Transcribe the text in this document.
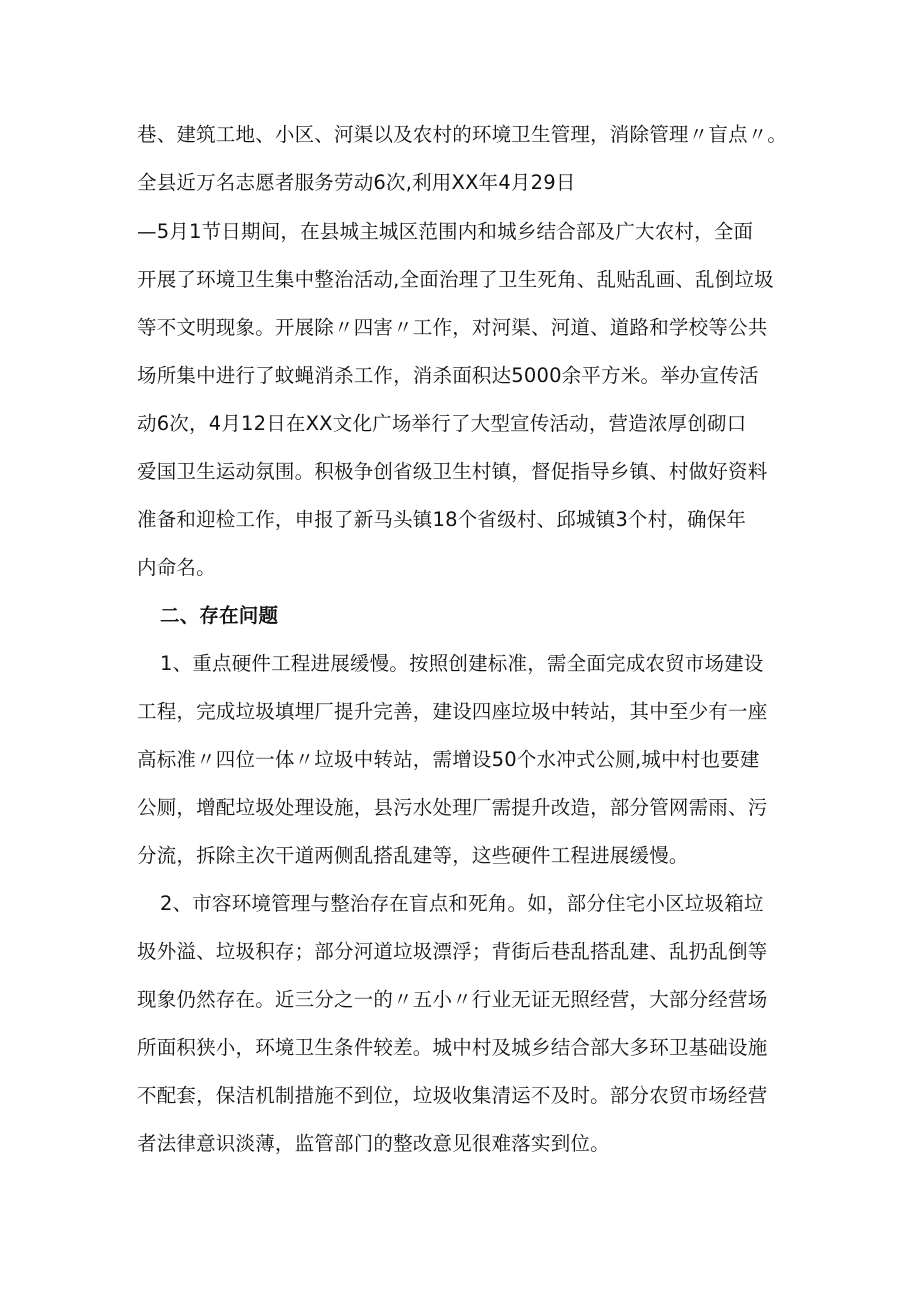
巷、建筑工地、小区、河渠以及农村的环境卫生管理，消除管理〃盲点〃。
全县近万名志愿者服务劳动6次,利用XX年4月29日
—5月1节日期间，在县城主城区范围内和城乡结合部及广大农村，全面
开展了环境卫生集中整治活动,全面治理了卫生死角、乱贴乱画、乱倒垃圾
等不文明现象。开展除〃四害〃工作，对河渠、河道、道路和学校等公共
场所集中进行了蚊蝇消杀工作，消杀面积达5000余平方米。举办宣传活
动6次，4月12日在XX文化广场举行了大型宣传活动，营造浓厚创砌口
爱国卫生运动氛围。积极争创省级卫生村镇，督促指导乡镇、村做好资料
准备和迎检工作，申报了新马头镇18个省级村、邱城镇3个村，确保年
内命名。
二、存在问题
1、重点硬件工程进展缓慢。按照创建标准，需全面完成农贸市场建设
工程，完成垃圾填埋厂提升完善，建设四座垃圾中转站，其中至少有一座
高标准〃四位一体〃垃圾中转站，需增设50个水冲式公厕,城中村也要建
公厕，增配垃圾处理设施，县污水处理厂需提升改造，部分管网需雨、污
分流，拆除主次干道两侧乱搭乱建等，这些硬件工程进展缓慢。
2、市容环境管理与整治存在盲点和死角。如，部分住宅小区垃圾箱垃
圾外溢、垃圾积存；部分河道垃圾漂浮；背街后巷乱搭乱建、乱扔乱倒等
现象仍然存在。近三分之一的〃五小〃行业无证无照经营，大部分经营场
所面积狭小，环境卫生条件较差。城中村及城乡结合部大多环卫基础设施
不配套，保洁机制措施不到位，垃圾收集清运不及时。部分农贸市场经营
者法律意识淡薄，监管部门的整改意见很难落实到位。
